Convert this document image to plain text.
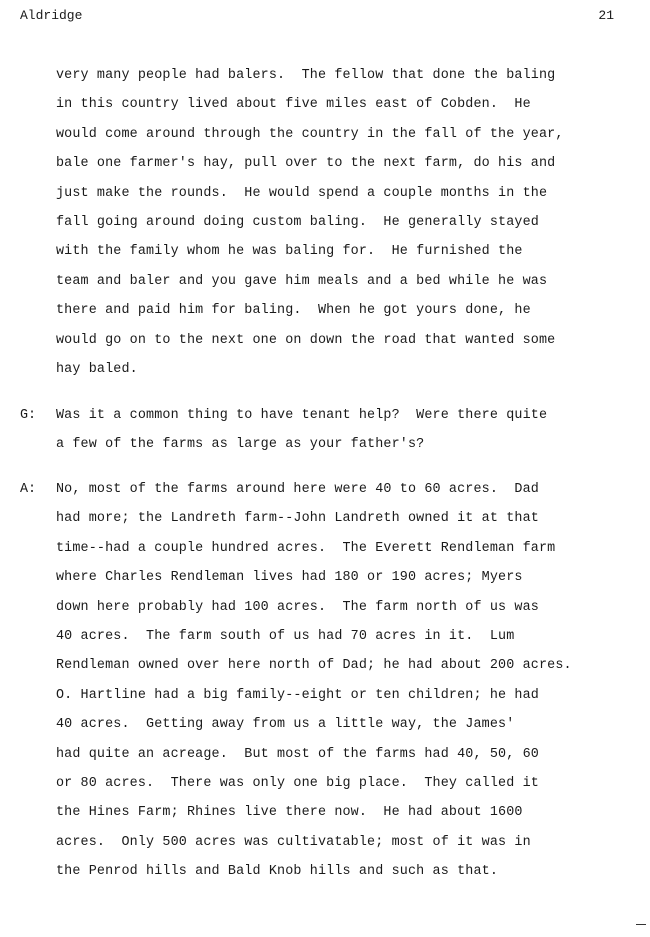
Aldridge	21
very many people had balers.  The fellow that done the baling
in this country lived about five miles east of Cobden.  He
would come around through the country in the fall of the year,
bale one farmer's hay, pull over to the next farm, do his and
just make the rounds.  He would spend a couple months in the
fall going around doing custom baling.  He generally stayed
with the family whom he was baling for.  He furnished the
team and baler and you gave him meals and a bed while he was
there and paid him for baling.  When he got yours done, he
would go on to the next one on down the road that wanted some
hay baled.
G: Was it a common thing to have tenant help?  Were there quite
a few of the farms as large as your father's?
A: No, most of the farms around here were 40 to 60 acres.  Dad
had more; the Landreth farm--John Landreth owned it at that
time--had a couple hundred acres.  The Everett Rendleman farm
where Charles Rendleman lives had 180 or 190 acres; Myers
down here probably had 100 acres.  The farm north of us was
40 acres.  The farm south of us had 70 acres in it.  Lum
Rendleman owned over here north of Dad; he had about 200 acres.
O. Hartline had a big family--eight or ten children; he had
40 acres.  Getting away from us a little way, the James'
had quite an acreage.  But most of the farms had 40, 50, 60
or 80 acres.  There was only one big place.  They called it
the Hines Farm; Rhines live there now.  He had about 1600
acres.  Only 500 acres was cultivatable; most of it was in
the Penrod hills and Bald Knob hills and such as that.
